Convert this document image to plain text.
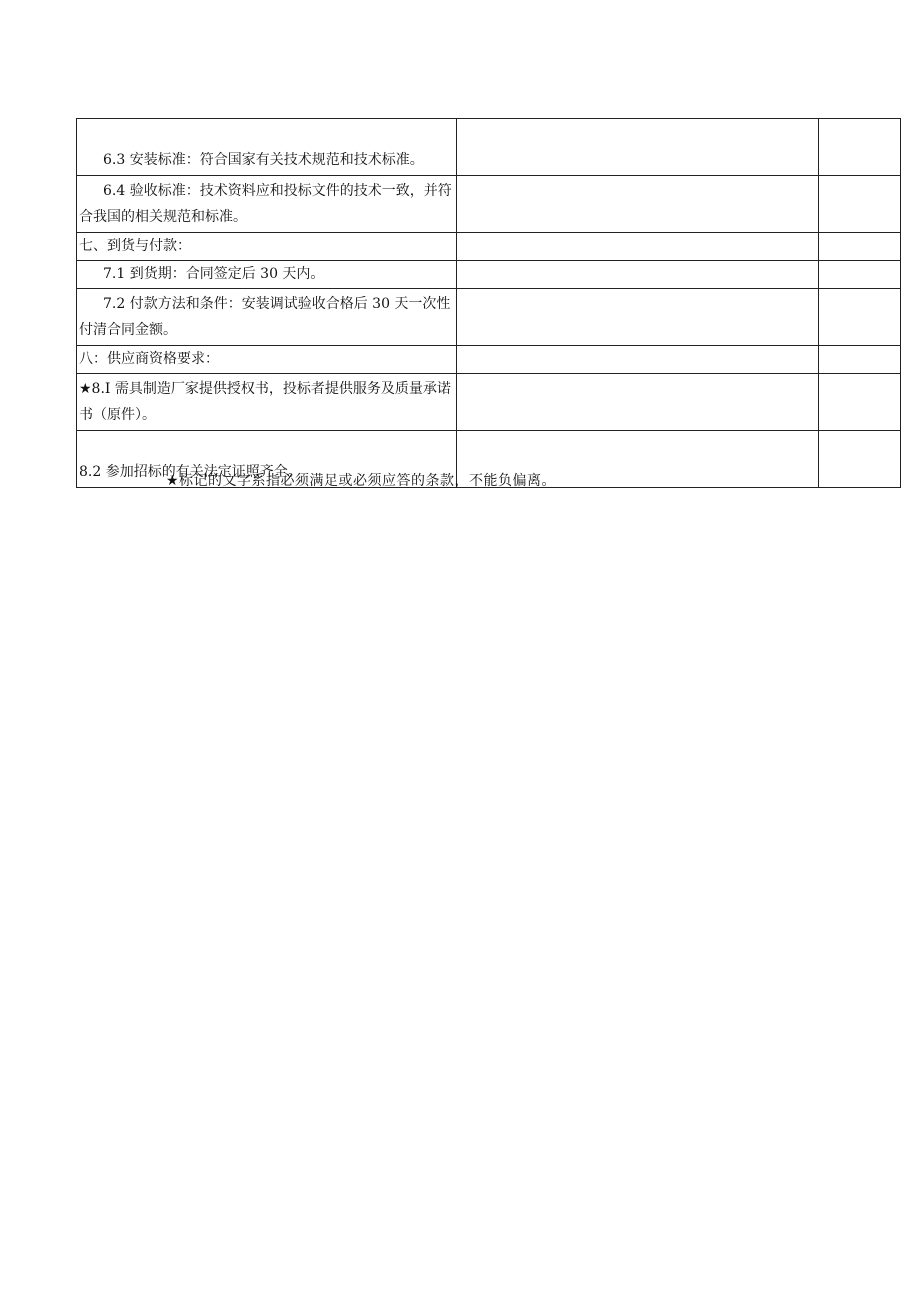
6.3 安装标准：符合国家有关技术规范和技术标准。		
6.4 验收标准：技术资料应和投标文件的技术一致，并符合我国的相关规范和标准。		
七、到货与付款：		
7.1 到货期：合同签定后 30 天内。		
7.2 付款方法和条件：安装调试验收合格后 30 天一次性付清合同金额。		
八：供应商资格要求：		
★8.I 需具制造厂家提供授权书，投标者提供服务及质量承诺书（原件）。		
8.2 参加招标的有关法定证照齐全。		
★标记的文字系指必须满足或必须应答的条款，不能负偏离。
